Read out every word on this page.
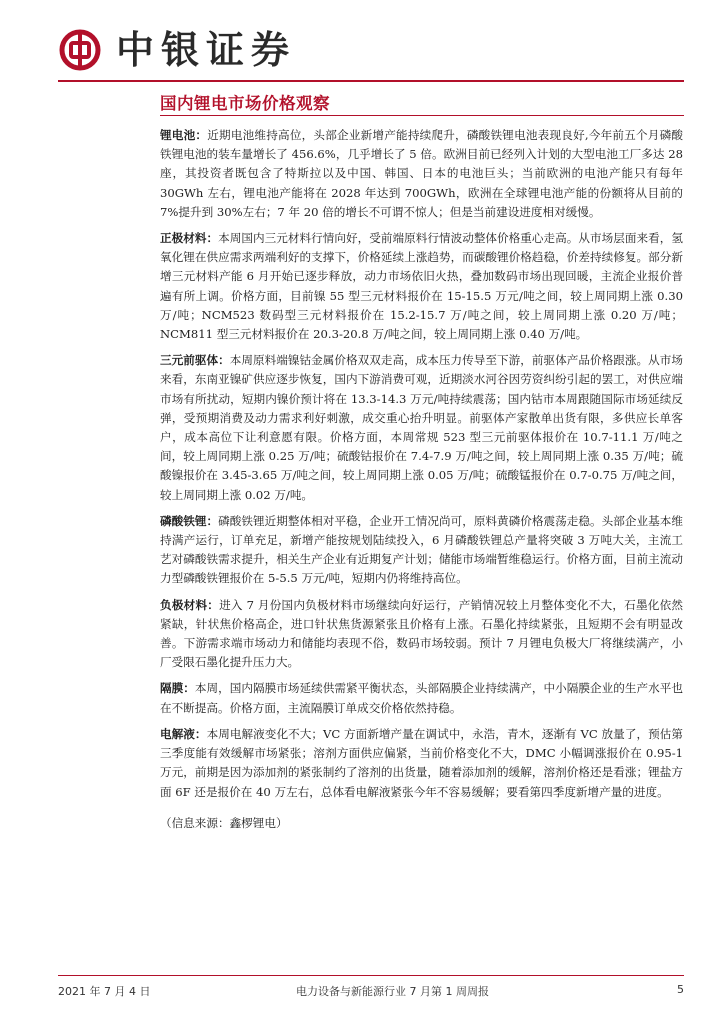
中银证券
国内锂电市场价格观察

锂电池：近期电池维持高位，头部企业新增产能持续爬升，磷酸铁锂电池表现良好,今年前五个月磷酸铁锂电池的装车量增长了 456.6%，几乎增长了 5 倍。欧洲目前已经列入计划的大型电池工厂多达 28 座，其投资者既包含了特斯拉以及中国、韩国、日本的电池巨头；当前欧洲的电池产能只有每年 30GWh 左右，锂电池产能将在 2028 年达到 700GWh，欧洲在全球锂电池产能的份额将从目前的 7%提升到 30%左右；7 年 20 倍的增长不可谓不惊人；但是当前建设进度相对缓慢。

正极材料：本周国内三元材料行情向好，受前端原料行情波动整体价格重心走高。从市场层面来看，氢氧化锂在供应需求两端利好的支撑下，价格延续上涨趋势，而碳酸锂价格趋稳，价差持续修复。部分新增三元材料产能 6 月开始已逐步释放，动力市场依旧火热，叠加数码市场出现回暖，主流企业报价普遍有所上调。价格方面，目前镍 55 型三元材料报价在 15-15.5 万元/吨之间，较上周同期上涨 0.30 万/吨；NCM523 数码型三元材料报价在 15.2-15.7 万/吨之间，较上周同期上涨 0.20 万/吨；NCM811 型三元材料报价在 20.3-20.8 万/吨之间，较上周同期上涨 0.40 万/吨。

三元前驱体：本周原料端镍钴金属价格双双走高，成本压力传导至下游，前驱体产品价格跟涨。从市场来看，东南亚镍矿供应逐步恢复，国内下游消费可观，近期淡水河谷因劳资纠纷引起的罢工，对供应端市场有所扰动，短期内镍价预计将在 13.3-14.3 万元/吨持续震荡；国内钴市本周跟随国际市场延续反弹，受预期消费及动力需求利好刺激，成交重心抬升明显。前驱体产家散单出货有限，多供应长单客户，成本高位下让利意愿有限。价格方面，本周常规 523 型三元前驱体报价在 10.7-11.1 万/吨之间，较上周同期上涨 0.25 万/吨；硫酸钴报价在 7.4-7.9 万/吨之间，较上周同期上涨 0.35 万/吨；硫酸镍报价在 3.45-3.65 万/吨之间，较上周同期上涨 0.05 万/吨；硫酸锰报价在 0.7-0.75 万/吨之间，较上周同期上涨 0.02 万/吨。

磷酸铁锂：磷酸铁锂近期整体相对平稳，企业开工情况尚可，原料黄磷价格震荡走稳。头部企业基本维持满产运行，订单充足，新增产能按规划陆续投入，6 月磷酸铁锂总产量将突破 3 万吨大关，主流工艺对磷酸铁需求提升，相关生产企业有近期复产计划；储能市场端暂维稳运行。价格方面，目前主流动力型磷酸铁锂报价在 5-5.5 万元/吨，短期内仍将维持高位。

负极材料：进入 7 月份国内负极材料市场继续向好运行，产销情况较上月整体变化不大，石墨化依然紧缺，针状焦价格高企，进口针状焦货源紧张且价格有上涨。石墨化持续紧张，且短期不会有明显改善。下游需求端市场动力和储能均表现不俗，数码市场较弱。预计 7 月锂电负极大厂将继续满产，小厂受限石墨化提升压力大。

隔膜：本周，国内隔膜市场延续供需紧平衡状态，头部隔膜企业持续满产，中小隔膜企业的生产水平也在不断提高。价格方面，主流隔膜订单成交价格依然持稳。

电解液：本周电解液变化不大；VC 方面新增产量在调试中，永浩，青木，逐渐有 VC 放量了，预估第三季度能有效缓解市场紧张；溶剂方面供应偏紧，当前价格变化不大，DMC 小幅调涨报价在 0.95-1 万元，前期是因为添加剂的紧张制约了溶剂的出货量，随着添加剂的缓解，溶剂价格还是看涨；锂盐方面 6F 还是报价在 40 万左右，总体看电解液紧张今年不容易缓解；要看第四季度新增产量的进度。

（信息来源：鑫椤锂电）

2021 年 7 月 4 日	电力设备与新能源行业 7 月第 1 周周报	5
